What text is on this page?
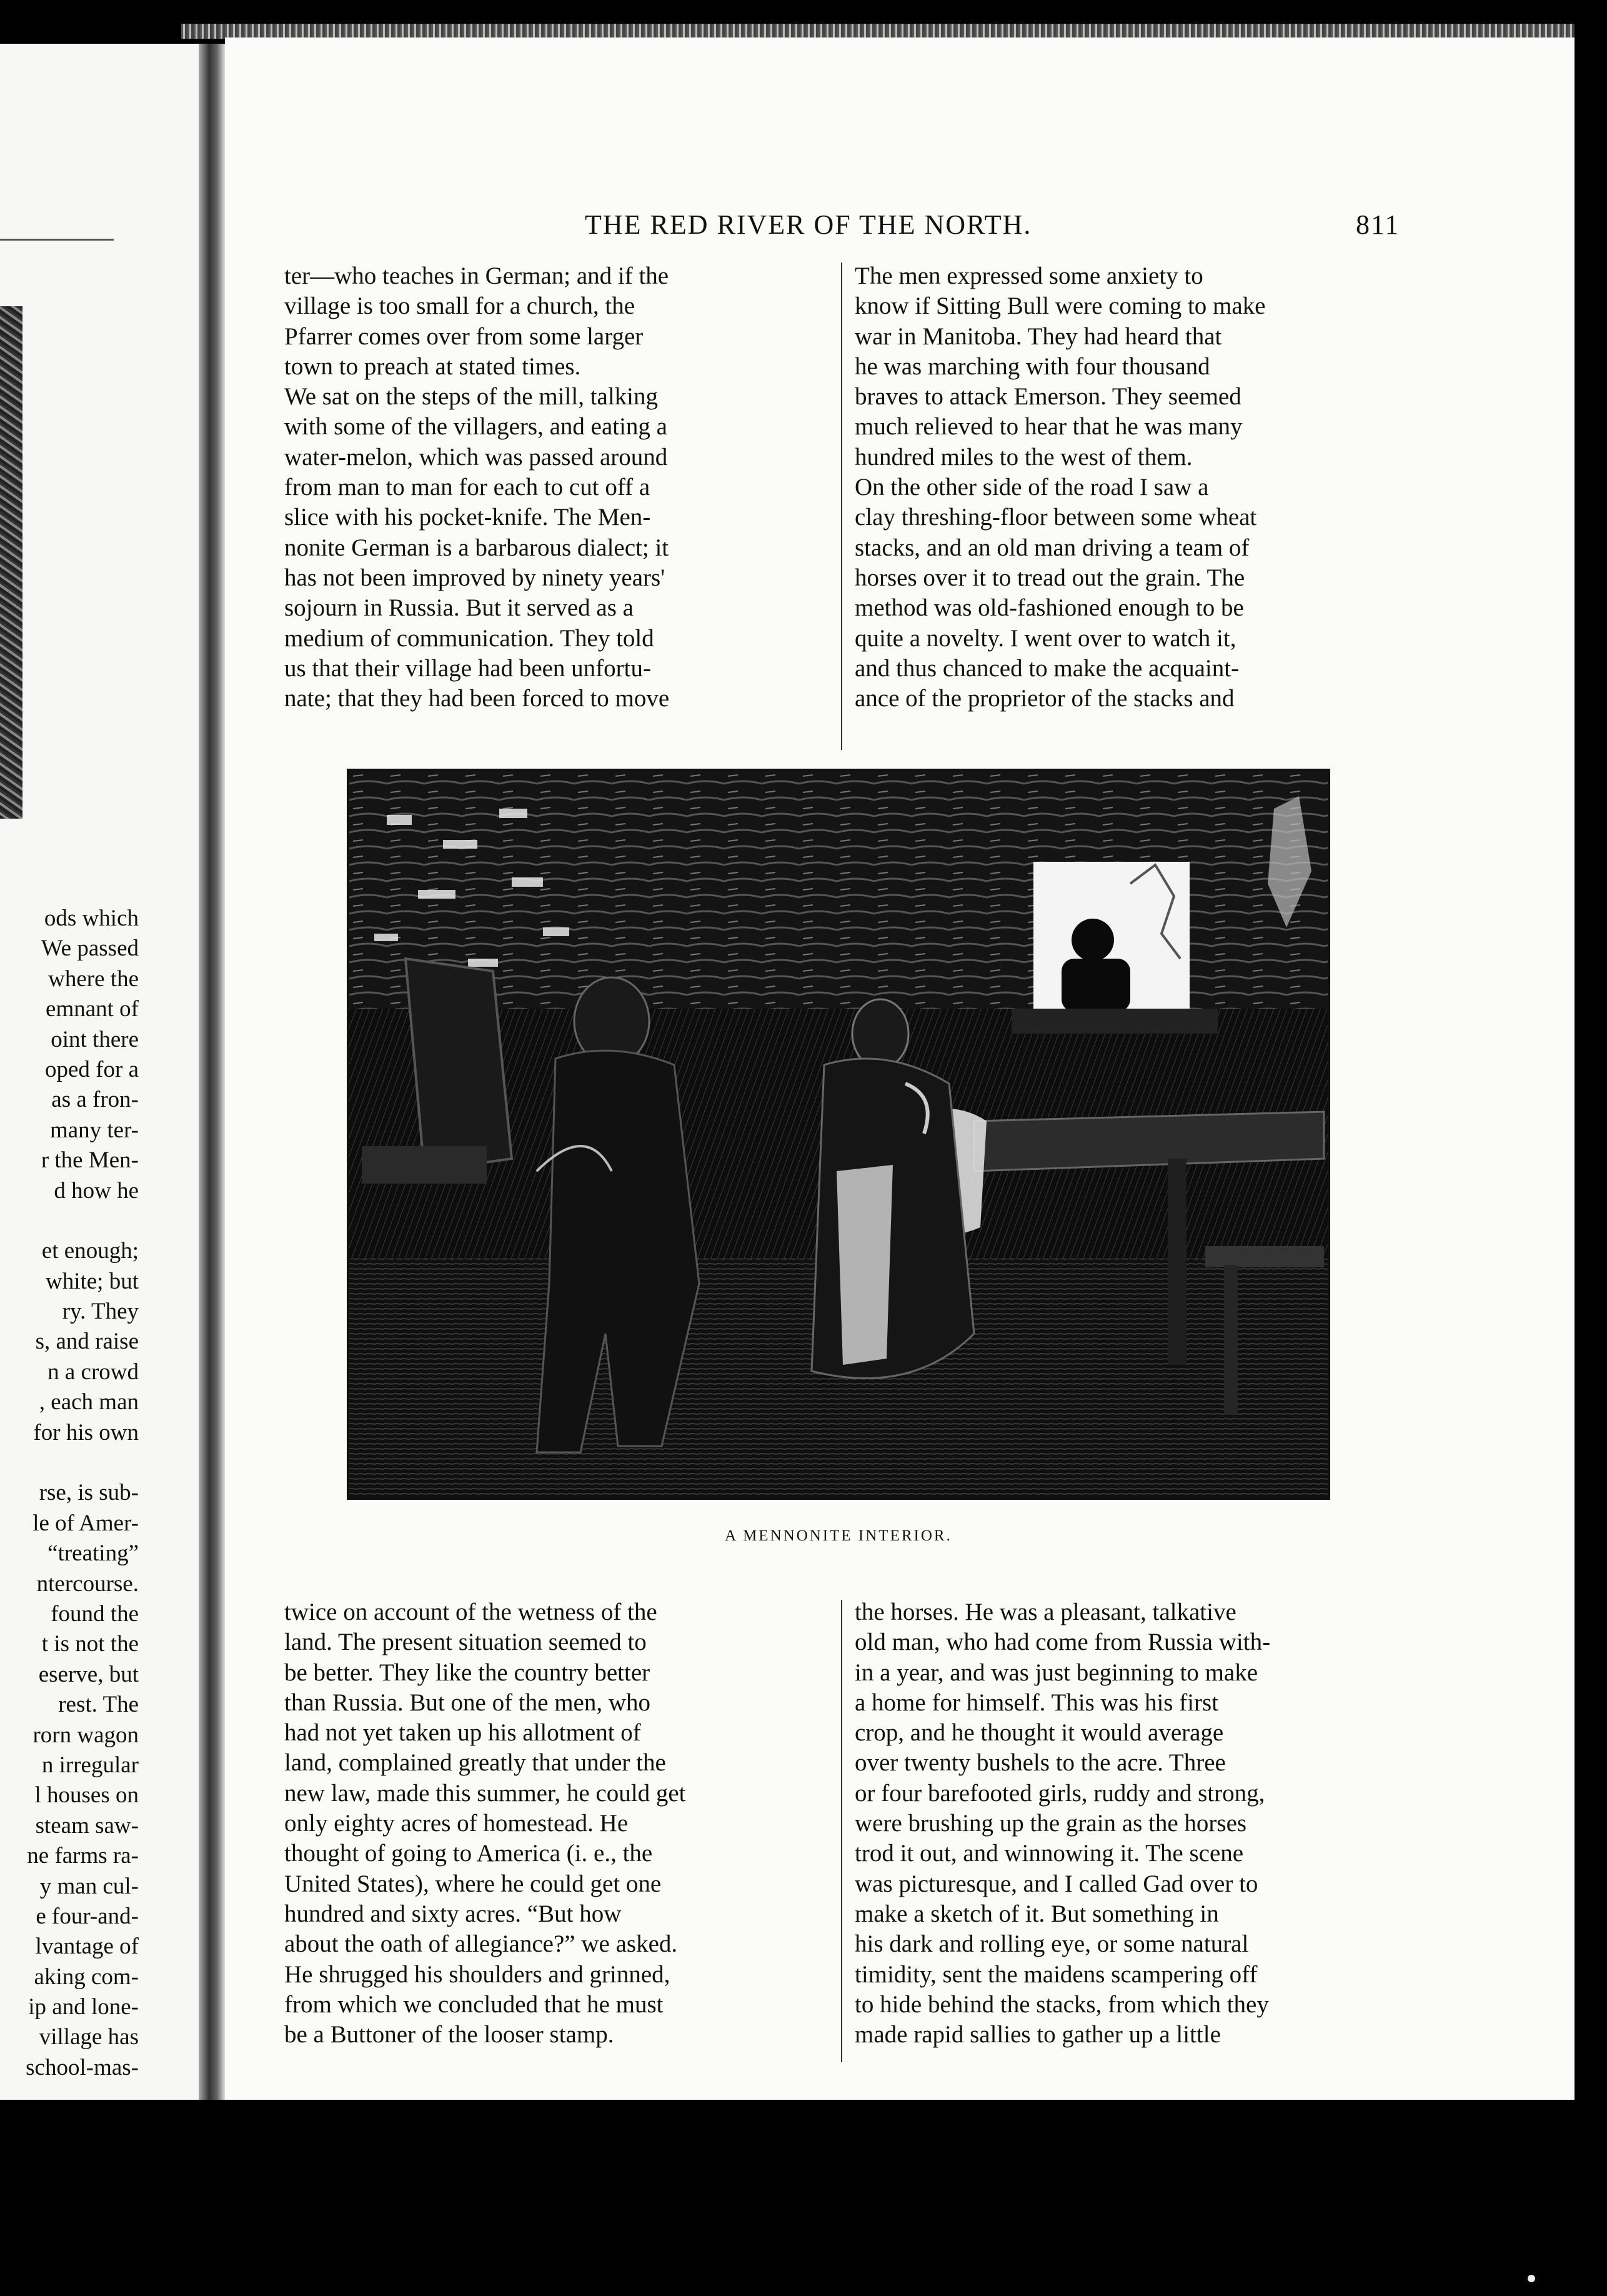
ods which
We passed
where the
emnant of
oint there
oped for a
as a fron-
many ter-
r the Men-
d how he
et enough;
white; but
ry. They
s, and raise
n a crowd
, each man
for his own
rse, is sub-
le of Amer-
“treating”
ntercourse.
found the
t is not the
eserve, but
rest. The
rorn wagon
n irregular
l houses on
steam saw-
ne farms ra-
y man cul-
e four-and-
lvantage of
aking com-
ip and lone-
village has
school-mas-
THE RED RIVER OF THE NORTH.	811
ter—who teaches in German; and if the
village is too small for a church, the
Pfarrer comes over from some larger
town to preach at stated times.
We sat on the steps of the mill, talking
with some of the villagers, and eating a
water-melon, which was passed around
from man to man for each to cut off a
slice with his pocket-knife. The Men-
nonite German is a barbarous dialect; it
has not been improved by ninety years'
sojourn in Russia. But it served as a
medium of communication. They told
us that their village had been unfortu-
nate; that they had been forced to move
The men expressed some anxiety to
know if Sitting Bull were coming to make
war in Manitoba. They had heard that
he was marching with four thousand
braves to attack Emerson. They seemed
much relieved to hear that he was many
hundred miles to the west of them.
On the other side of the road I saw a
clay threshing-floor between some wheat
stacks, and an old man driving a team of
horses over it to tread out the grain. The
method was old-fashioned enough to be
quite a novelty. I went over to watch it,
and thus chanced to make the acquaint-
ance of the proprietor of the stacks and
A MENNONITE INTERIOR.
twice on account of the wetness of the
land. The present situation seemed to
be better. They like the country better
than Russia. But one of the men, who
had not yet taken up his allotment of
land, complained greatly that under the
new law, made this summer, he could get
only eighty acres of homestead. He
thought of going to America (i. e., the
United States), where he could get one
hundred and sixty acres. “But how
about the oath of allegiance?” we asked.
He shrugged his shoulders and grinned,
from which we concluded that he must
be a Buttoner of the looser stamp.
the horses. He was a pleasant, talkative
old man, who had come from Russia with-
in a year, and was just beginning to make
a home for himself. This was his first
crop, and he thought it would average
over twenty bushels to the acre. Three
or four barefooted girls, ruddy and strong,
were brushing up the grain as the horses
trod it out, and winnowing it. The scene
was picturesque, and I called Gad over to
make a sketch of it. But something in
his dark and rolling eye, or some natural
timidity, sent the maidens scampering off
to hide behind the stacks, from which they
made rapid sallies to gather up a little
